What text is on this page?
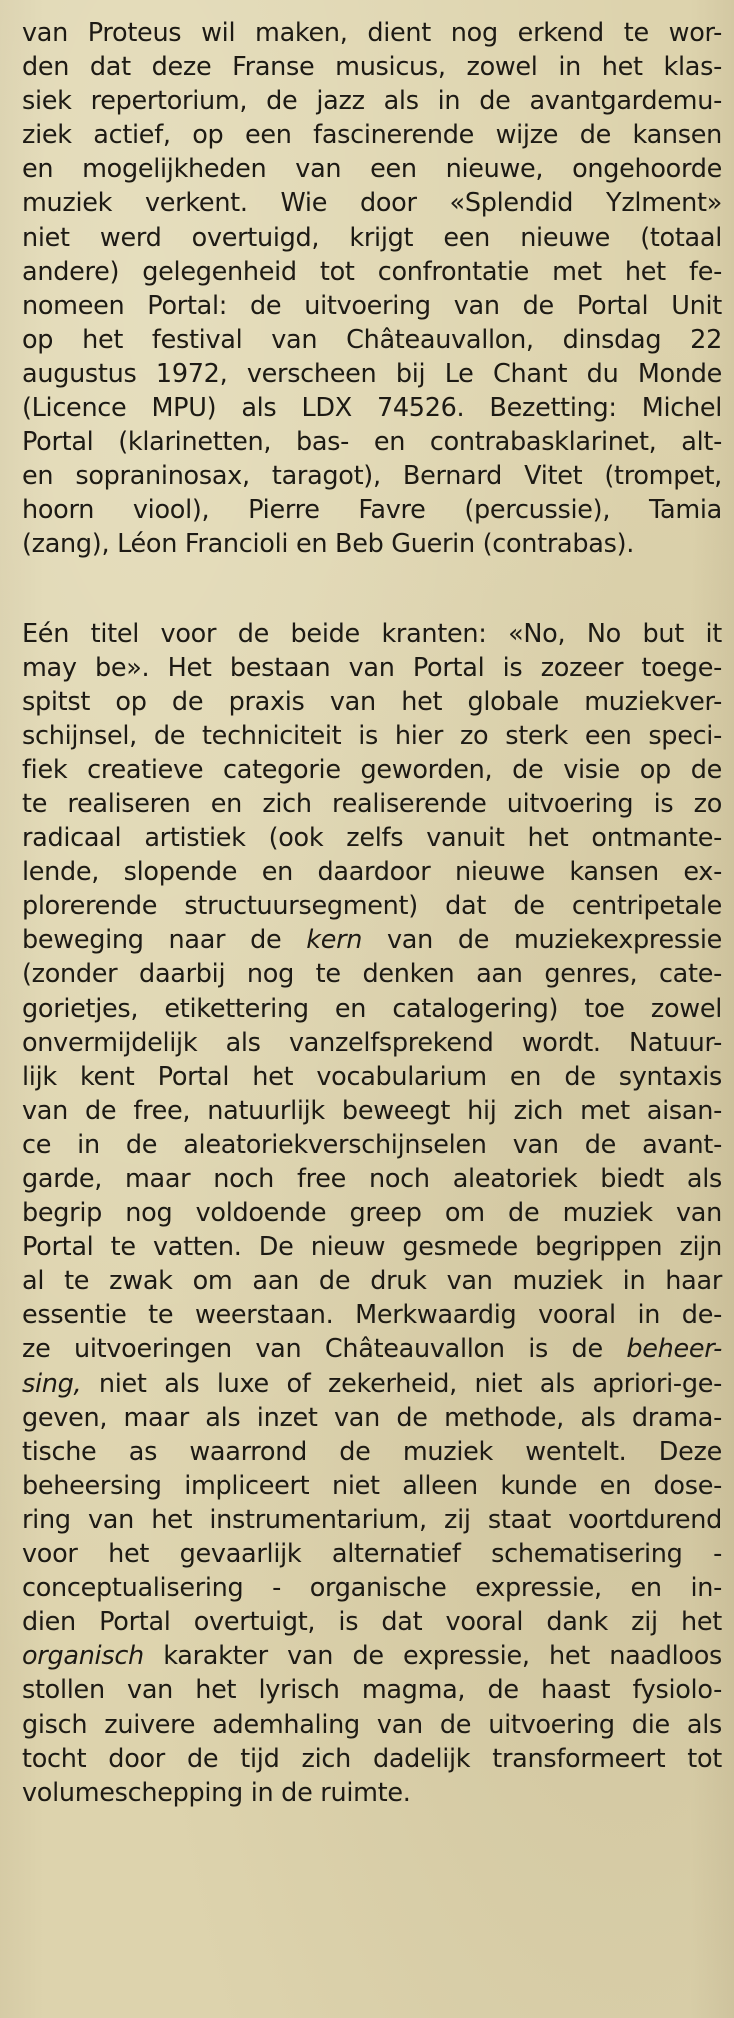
van Proteus wil maken, dient nog erkend te wor-
den dat deze Franse musicus, zowel in het klas-
siek repertorium, de jazz als in de avantgardemu-
ziek actief, op een fascinerende wijze de kansen
en mogelijkheden van een nieuwe, ongehoorde
muziek verkent. Wie door «Splendid Yzlment»
niet werd overtuigd, krijgt een nieuwe (totaal
andere) gelegenheid tot confrontatie met het fe-
nomeen Portal: de uitvoering van de Portal Unit
op het festival van Châteauvallon, dinsdag 22
augustus 1972, verscheen bij Le Chant du Monde
(Licence MPU) als LDX 74526. Bezetting: Michel
Portal (klarinetten, bas- en contrabasklarinet, alt-
en sopraninosax, taragot), Bernard Vitet (trompet,
hoorn viool), Pierre Favre (percussie), Tamia
(zang), Léon Francioli en Beb Guerin (contrabas).
Eén titel voor de beide kranten: «No, No but it
may be». Het bestaan van Portal is zozeer toege-
spitst op de praxis van het globale muziekver-
schijnsel, de techniciteit is hier zo sterk een speci-
fiek creatieve categorie geworden, de visie op de
te realiseren en zich realiserende uitvoering is zo
radicaal artistiek (ook zelfs vanuit het ontmante-
lende, slopende en daardoor nieuwe kansen ex-
plorerende structuursegment) dat de centripetale
beweging naar de kern van de muziekexpressie
(zonder daarbij nog te denken aan genres, cate-
gorietjes, etikettering en catalogering) toe zowel
onvermijdelijk als vanzelfsprekend wordt. Natuur-
lijk kent Portal het vocabularium en de syntaxis
van de free, natuurlijk beweegt hij zich met aisan-
ce in de aleatoriekverschijnselen van de avant-
garde, maar noch free noch aleatoriek biedt als
begrip nog voldoende greep om de muziek van
Portal te vatten. De nieuw gesmede begrippen zijn
al te zwak om aan de druk van muziek in haar
essentie te weerstaan. Merkwaardig vooral in de-
ze uitvoeringen van Châteauvallon is de beheer-
sing, niet als luxe of zekerheid, niet als apriori-ge-
geven, maar als inzet van de methode, als drama-
tische as waarrond de muziek wentelt. Deze
beheersing impliceert niet alleen kunde en dose-
ring van het instrumentarium, zij staat voortdurend
voor het gevaarlijk alternatief schematisering -
conceptualisering - organische expressie, en in-
dien Portal overtuigt, is dat vooral dank zij het
organisch karakter van de expressie, het naadloos
stollen van het lyrisch magma, de haast fysiolo-
gisch zuivere ademhaling van de uitvoering die als
tocht door de tijd zich dadelijk transformeert tot
volumeschepping in de ruimte.
